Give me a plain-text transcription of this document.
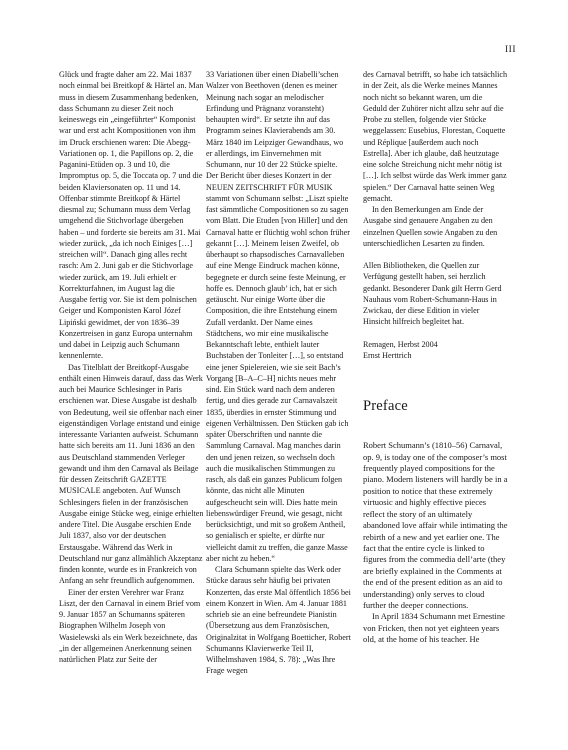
III

Glück und fragte daher am 22. Mai 1837 noch einmal bei Breitkopf & Härtel an. Man muss in diesem Zusammenhang bedenken, dass Schumann zu dieser Zeit noch keineswegs ein „eingeführter“ Komponist war und erst acht Kompositionen von ihm im Druck erschienen waren: Die Abegg-Variationen op. 1, die Papillons op. 2, die Paganini-Etüden op. 3 und 10, die Impromptus op. 5, die Toccata op. 7 und die beiden Klaviersonaten op. 11 und 14. Offenbar stimmte Breitkopf & Härtel diesmal zu; Schumann muss dem Verlag umgehend die Stichvorlage übergeben haben – und forderte sie bereits am 31. Mai wieder zurück, „da ich noch Einiges […] streichen will“. Danach ging alles recht rasch: Am 2. Juni gab er die Stichvorlage wieder zurück, am 19. Juli erhielt er Korrekturfahnen, im August lag die Ausgabe fertig vor. Sie ist dem polnischen Geiger und Komponisten Karol Józef Lipiński gewidmet, der von 1836–39 Konzertreisen in ganz Europa unternahm und dabei in Leipzig auch Schumann kennenlernte.

Das Titelblatt der Breitkopf-Ausgabe enthält einen Hinweis darauf, dass das Werk auch bei Maurice Schlesinger in Paris erschienen war. Diese Ausgabe ist deshalb von Bedeutung, weil sie offenbar nach einer eigenständigen Vorlage entstand und einige interessante Varianten aufweist. Schumann hatte sich bereits am 11. Juni 1836 an den aus Deutschland stammenden Verleger gewandt und ihm den Carnaval als Beilage für dessen Zeitschrift GAZETTE MUSICALE angeboten. Auf Wunsch Schlesingers fielen in der französischen Ausgabe einige Stücke weg, einige erhielten andere Titel. Die Ausgabe erschien Ende Juli 1837, also vor der deutschen Erstausgabe. Während das Werk in Deutschland nur ganz allmählich Akzeptanz finden konnte, wurde es in Frankreich von Anfang an sehr freundlich aufgenommen.

Einer der ersten Verehrer war Franz Liszt, der den Carnaval in einem Brief vom 9. Januar 1857 an Schumanns späteren Biographen Wilhelm Joseph von Wasielewski als ein Werk bezeichnete, das „in der allgemeinen Anerkennung seinen natürlichen Platz zur Seite der

33 Variationen über einen Diabelli’schen Walzer von Beethoven (denen es meiner Meinung nach sogar an melodischer Erfindung und Prägnanz voransteht) behaupten wird“. Er setzte ihn auf das Programm seines Klavierabends am 30. März 1840 im Leipziger Gewandhaus, wo er allerdings, im Einvernehmen mit Schumann, nur 10 der 22 Stücke spielte. Der Bericht über dieses Konzert in der NEUEN ZEITSCHRIFT FÜR MUSIK stammt von Schumann selbst: „Liszt spielte fast sämmtliche Compositionen so zu sagen vom Blatt. Die Etuden [von Hiller] und den Carnaval hatte er flüchtig wohl schon früher gekannt […]. Meinem leisen Zweifel, ob überhaupt so rhapsodisches Carnavalleben auf eine Menge Eindruck machen könne, begegnete er durch seine feste Meinung, er hoffe es. Dennoch glaub’ ich, hat er sich getäuscht. Nur einige Worte über die Composition, die ihre Entstehung einem Zufall verdankt. Der Name eines Städtchens, wo mir eine musikalische Bekanntschaft lebte, enthielt lauter Buchstaben der Tonleiter […], so entstand eine jener Spielereien, wie sie seit Bach’s Vorgang [B–A–C–H] nichts neues mehr sind. Ein Stück ward nach dem anderen fertig, und dies gerade zur Carnavalszeit 1835, überdies in ernster Stimmung und eigenen Verhältnissen. Den Stücken gab ich später Überschriften und nannte die Sammlung Carnaval. Mag manches darin den und jenen reizen, so wechseln doch auch die musikalischen Stimmungen zu rasch, als daß ein ganzes Publicum folgen könnte, das nicht alle Minuten aufgescheucht sein will. Dies hatte mein liebenswürdiger Freund, wie gesagt, nicht berücksichtigt, und mit so großem Antheil, so genialisch er spielte, er dürfte nur vielleicht damit zu treffen, die ganze Masse aber nicht zu heben.“

Clara Schumann spielte das Werk oder Stücke daraus sehr häufig bei privaten Konzerten, das erste Mal öffentlich 1856 bei einem Konzert in Wien. Am 4. Januar 1881 schrieb sie an eine befreundete Pianistin (Übersetzung aus dem Französischen, Originalzitat in Wolfgang Boetticher, Robert Schumanns Klavierwerke Teil II, Wilhelmshaven 1984, S. 78): „Was Ihre Frage wegen

des Carnaval betrifft, so habe ich tatsächlich in der Zeit, als die Werke meines Mannes noch nicht so bekannt waren, um die Geduld der Zuhörer nicht allzu sehr auf die Probe zu stellen, folgende vier Stücke weggelassen: Eusebius, Florestan, Coquette und Réplique [außerdem auch noch Estrella]. Aber ich glaube, daß heutzutage eine solche Streichung nicht mehr nötig ist […]. Ich selbst würde das Werk immer ganz spielen.“ Der Carnaval hatte seinen Weg gemacht.

In den Bemerkungen am Ende der Ausgabe sind genauere Angaben zu den einzelnen Quellen sowie Angaben zu den unterschiedlichen Lesarten zu finden.

Allen Bibliotheken, die Quellen zur Verfügung gestellt haben, sei herzlich gedankt. Besonderer Dank gilt Herrn Gerd Nauhaus vom Robert-Schumann-Haus in Zwickau, der diese Edition in vieler Hinsicht hilfreich begleitet hat.

Remagen, Herbst 2004

Ernst Herttrich

Preface

Robert Schumann’s (1810–56) Carnaval, op. 9, is today one of the composer’s most frequently played compositions for the piano. Modern listeners will hardly be in a position to notice that these extremely virtuosic and highly effective pieces reflect the story of an ultimately abandoned love affair while intimating the rebirth of a new and yet earlier one. The fact that the entire cycle is linked to figures from the commedia dell’arte (they are briefly explained in the Comments at the end of the present edition as an aid to understanding) only serves to cloud further the deeper connections.

In April 1834 Schumann met Ernestine von Fricken, then not yet eighteen years old, at the home of his teacher. He
